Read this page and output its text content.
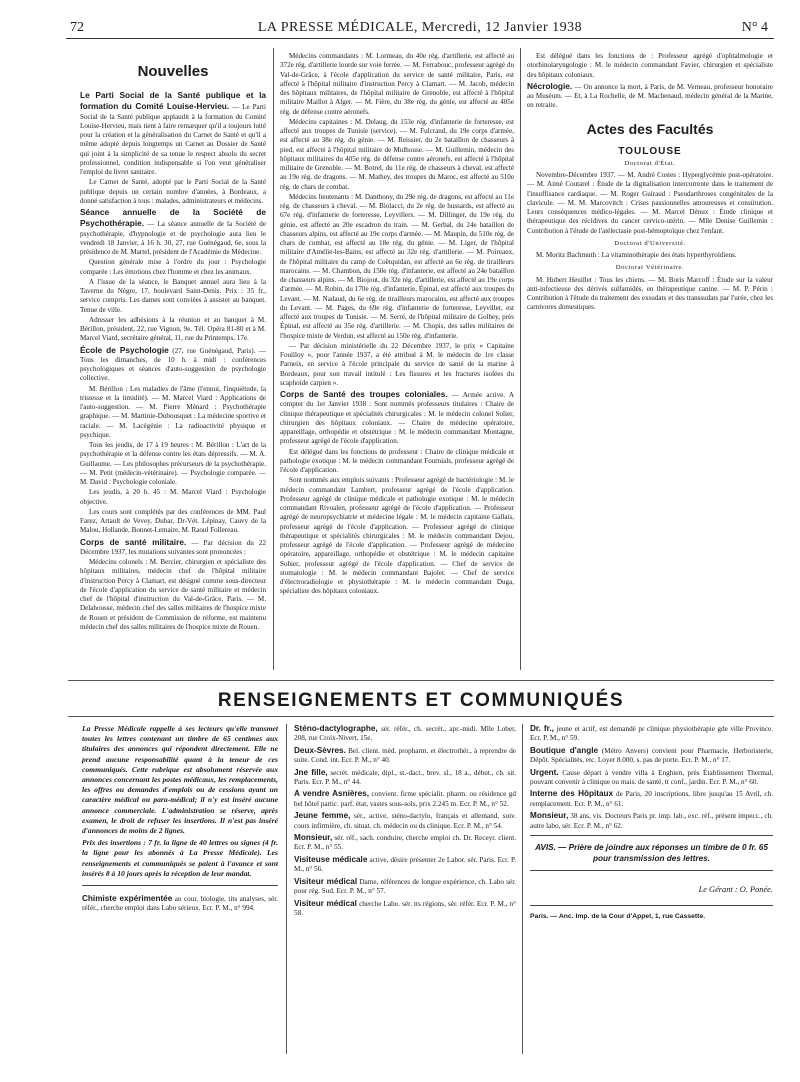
72	LA PRESSE MÉDICALE, Mercredi, 12 Janvier 1938	N° 4
Nouvelles

Le Parti Social de la Santé publique et la formation du Comité Louise-Hervieu. — Le Parti Social de la Santé publique applaudit à la formation du Comité Louise-Hervieu, mais tient à faire remarquer qu'il a toujours lutté pour la création et la généralisation du Carnet de Santé et qu'il a même adopté depuis longtemps un Carnet au Dossier de Santé qui joint à la simplicité de sa tenue le respect absolu du secret professionnel, condition indispensable si l'on veut généraliser l'emploi du livret sanitaire.

Le Carnet de Santé, adopté par le Parti Social de la Santé publique depuis un certain nombre d'années, à Bordeaux, a donné satisfaction à tous : malades, administrateurs et médecins.

Séance annuelle de la Société de Psychothérapie. — La séance annuelle de la Société de psychothérapie, d'hypnologie et de psychologie aura lieu le vendredi 18 Janvier, à 16 h. 30, 27, rue Guénégaud, 6e, sous la présidence de M. Martel, président de l'Académie de Médecine.

Question générale mise à l'ordre du jour : Psychologie comparée : Les émotions chez l'homme et chez les animaux.

A l'issue de la séance, le Banquet annuel aura lieu à la Taverne du Nègre, 17, boulevard Saint-Denis. Prix : 35 fr., service compris. Les dames sont conviées à assister au banquet. Tenue de ville.

Adresser les adhésions à la réunion et au banquet à M. Bérillon, président, 22, rue Vignon, 9e. Tél. Opéra 81-80 et à M. Marcel Viard, secrétaire général, 11, rue du Printemps, 17e.

École de Psychologie (27, rue Guénégaud, Paris). — Tous les dimanches, de 10 h. à midi : conférences psychologiques et séances d'auto-suggestion de psychologie collective.

M. Bérillon : Les maladies de l'âme (l'ennui, l'inquiétude, la tristesse et la timidité). — M. Marcel Viard : Applications de l'auto-suggestion. — M. Pierre Ménard : Psychothérapie graphique. — M. Martinie-Dubousquet : La médecine sportive et raciale. — M. Lacégénie : La radioactivité physique et psychique.

Tous les jeudis, de 17 à 19 heures : M. Bérillon : L'art de la psychothérapie et la défense contre les états dépressifs. — M. A. Guillaume. — Les philosophes précurseurs de la psychothérapie. — M. Petit (médecin-vétérinaire). — Psychologie comparée. — M. David : Psychologie coloniale.

Les jeudis, à 20 h. 45 : M. Marcel Viard : Psychologie objective.

Les cours sont complétés par des conférences de MM. Paul Farez, Artault de Vevey, Dubar, Dr-Vét. Lépinay, Cauvy de la Malou, Hollande, Bonnet-Lemaire, M. Raoul Follereau.

Corps de santé militaire. — Par décision du 22 Décembre 1937, les mutations suivantes sont prononcées :

Médecins colonels : M. Bercier, chirurgien et spécialiste des hôpitaux militaires, médecin chef de l'hôpital militaire d'instruction Percy à Clamart, est désigné comme sous-directeur de l'école d'application du service de santé militaire et médecin chef de l'hôpital d'instruction du Val-de-Grâce, Paris. — M. Delahousse, médecin chef des salles militaires de l'hospice mixte de Rouen et président de Commission de réforme, est maintenu médecin chef des salles militaires de l'hospice mixte de Rouen.

Médecins commandants : M. Lormeau, du 40e rég. d'artillerie, est affecté au 372e rég. d'artillerie lourde sur voie ferrée. — M. Ferrabouc, professeur agrégé du Val-de-Grâce, à l'école d'application du service de santé militaire, Paris, est affecté à l'hôpital militaire d'instruction Percy à Clamart. — M. Jacob, médecin des hôpitaux militaires, de l'hôpital militaire de Grenoble, est affecté à l'hôpital militaire Maillot à Alger. — M. Fière, du 38e rég. du génie, est affecté au 405e rég. de défense contre aéronefs.

Médecins capitaines : M. Delaug, du 153e rég. d'infanterie de forteresse, est affecté aux troupes de Tunisie (service). — M. Fulcrand, du 19e corps d'armée, est affecté au 38e rég. du génie. — M. Reissier, du 2e bataillon de chasseurs à pied, est affecté à l'hôpital militaire de Mulhouse. — M. Guillemin, médecin des hôpitaux militaires du 405e rég. de défense contre aéronefs, est affecté à l'hôpital militaire de Grenoble. — M. Botrel, du 11e rég. de chasseurs à cheval, est affecté au 19e rég. de dragons. — M. Mathey, des troupes du Maroc, est affecté au 510e rég. de chars de combat.

Médecins lieutenants : M. Danthony, du 29e rég. de dragons, est affecté au 11e rég. de chasseurs à cheval. — M. Biolacci, du 2e rég. de hussards, est affecté au 67e rég. d'infanterie de forteresse, Leyvillers. — M. Dillinger, du 19e rég. du génie, est affecté au 20e escadron du train. — M. Gerbal, du 24e bataillon de chasseurs alpins, est affecté au 19e corps d'armée. — M. Maupin, du 510e rég. de chars de combat, est affecté au 18e rég. du génie. — M. Liger, de l'hôpital militaire d'Amélie-les-Bains, est affecté au 32e rég. d'artillerie. — M. Poireaux, de l'hôpital militaire du camp de Coëtquidan, est affecté au 6e rég. de tirailleurs marocains. — M. Chambon, du 150e rég. d'infanterie, est affecté au 24e bataillon de chasseurs alpins. — M. Biojout, du 32e rég. d'artillerie, est affecté au 19e corps d'armée. — M. Robin, du 170e rég. d'infanterie, Épinal, est affecté aux troupes du Levant. — M. Nadaud, du 6e rég. de tirailleurs marocains, est affecté aux troupes du Levant. — M. Pages, du 69e rég. d'infanterie de forteresse, Leyviller, est affecté aux troupes de Tunisie. — M. Serré, de l'hôpital militaire de Golbey, près Épinal, est affecté au 35e rég. d'artillerie. — M. Chopis, des salles militaires de l'hospice mixte de Verdun, est affecté au 150e rég. d'infanterie.

— Par décision ministérielle du 22 Décembre 1937, le prix « Capitaine Fouilloy », pour l'année 1937, a été attribué à M. le médecin de 1re classe Parneix, en service à l'école principale du service de santé de la marine à Bordeaux, pour son travail intitulé : Les fissures et les fractures isolées du scaphoïde carpien ».

Corps de Santé des troupes coloniales. — Armée active. A compter du 1er Janvier 1938 : Sont nommés professeurs titulaires : Chaire de clinique thérapeutique et spécialités chirurgicales : M. le médecin colonel Solier, chirurgien des hôpitaux coloniaux. — Chaire de médecine opératoire, appareillage, orthopédie et obstétrique : M. le médecin commandant Montagne, professeur agrégé de l'école d'application.

Est délégué dans les fonctions de professeur : Chaire de clinique médicale et pathologie exotique : M. le médecin commandant Fournials, professeur agrégé de l'école d'application.

Sont nommés aux emplois suivants : Professeur agrégé de bactériologie : M. le médecin commandant Lambert, professeur agrégé de l'école d'application. Professeur agrégé de clinique médicale et pathologie exotique : M. le médecin commandant Rivoalen, professeur agrégé de l'école d'application. — Professeur agrégé de neuropsychiatrie et médecine légale : M. le médecin capitaine Gallais, professeur agrégé de l'école d'application. — Professeur agrégé de clinique thérapeutique et spécialités chirurgicales : M. le médecin commandant Dejou, professeur agrégé de l'école d'application. — Professeur agrégé de médecine opératoire, appareillage, orthopédie et obstétrique : M. le médecin capitaine Sohier, professeur agrégé de l'école d'application. — Chef de service de stomatologie : M. le médecin commandant Bajolet. — Chef de service d'électroradiologie et physiothérapie : M. le médecin commandant Duga, spécialiste des hôpitaux coloniaux.

Est délégué dans les fonctions de : Professeur agrégé d'ophtalmologie et otorhinolaryngologie : M. le médecin commandant Favier, chirurgien et spécialiste des hôpitaux coloniaux.

Nécrologie. — On annonce la mort, à Paris, de M. Verneau, professeur honoraire au Muséum. — Et, à La Rochelle, de M. Machenaud, médecin général de la Marine, en retraite.

Actes des Facultés
TOULOUSE
Doctorat d'État.

Novembre-Décembre 1937. — M. André Costes : Hyperglycémie post-opératoire. — M. Aimé Coutarel : Étude de la digitalisation intercurrente dans le traitement de l'insuffisance cardiaque. — M. Roger Guiraud : Pseudarthroses congénitales de la clavicule. — M. M. Marcovitch : Crises passionnelles amoureuses et constitution. Leurs conséquences médico-légales. — M. Marcel Dénux : Étude clinique et thérapeutique des récidives du cancer cervico-utérin. — Mlle Denise Guillemin : Contribution à l'étude de l'atélectasie post-hémoptoïque chez l'enfant.

Doctorat d'Université.

M. Moritz Bachmuth : La vitaminothérapie des états hyperthyroïdiens.

Doctorat Vétérinaire.

M. Hubert Heuillet : Tous les chiens. — M. Boris Marcoff : Étude sur la valeur anti-infectieuse des dérivés sulfamidés, en thérapeutique canine. — M. P. Périn : Contribution à l'étude du traitement des exsudats et des transsudats par l'urée, chez les carnivores domestiques.

RENSEIGNEMENTS ET COMMUNIQUÉS

La Presse Médicale rappelle à ses lecteurs qu'elle transmet toutes les lettres contenant un timbre de 65 centimes aux titulaires des annonces qui répondent directement. Elle ne prend aucune responsabilité quant à la teneur de ces communiqués. Cette rubrique est absolument réservée aux annonces concernant les postes médicaux, les remplacements, les offres ou demandes d'emplois ou de cessions ayant un caractère médical ou para-médical; il n'y est inséré aucune annonce commerciale. L'administration se réserve, après examen, le droit de refuser les insertions. Il n'est pas inséré d'annonces de moins de 2 lignes.

Prix des insertions : 7 fr. la ligne de 40 lettres ou signes (4 fr. la ligne pour les abonnés à La Presse Médicale). Les renseignements et communiqués se paient à l'avance et sont insérés 8 à 10 jours après la réception de leur mandat.

Chimiste expérimentée au cour. biologie, tits analyses, sér. référ., cherche emploi dans Labo sérieux. Ecr. P. M., n° 994.

Sténo-dactylographe, sér. référ., ch. secrét., apr.-midi. Mlle Lober, 208, rue Croix-Nivert, 15e.

Deux-Sèvres. Bel. client. méd. propharm. et électrothér., à reprendre de suite. Cond. int. Ecr. P. M., n° 40.

Jne fille, secrét. médicale, dipl., st.-dact., brev. sl., 18 a., début., ch. sit. Paris. Ecr. P. M., n° 44.

A vendre Asnières, convient. firme spécialit. pharm. ou résidence gd bel hôtel partic. parf. état, vastes sous-sols, prix 2.245 m. Ecr. P. M., n° 52.

Jeune femme, sér., active, sténo-dactylo, français et allemand, suiv. cours infirmière, ch. situat. ch. médecin ou ds clinique. Ecr. P. M., n° 54.

Monsieur, sér. réf., sach. conduire, cherche emploi ch. Dr. Receyr. client. Ecr. P. M., n° 55.

Visiteuse médicale active, désire présenter 2e Labor. sér. Paris. Ecr. P. M., n° 56.

Visiteur médical Dame, références de longue expérience, ch. Labo sér. pour rég. Sud. Ecr. P. M., n° 57.

Visiteur médical cherche Labo. sér. tts régions, sér. référ. Ecr. P. M., n° 58.

Dr. fr., jeune et actif, est demandé pr clinique physiothérapie gde ville Province. Ecr. P. M., n° 59.

Boutique d'angle (Métro Anvers) convient pour Pharmacie, Herboristerie, Dépôt. Spécialités, etc. Loyer 8.000, s. pas de porte. Ecr. P. M., n° 17.

Urgent. Cause départ à vendre villa à Enghien, près Établissement Thermal, pouvant convenir à clinique ou mais. de santé, tt conf., jardin. Ecr. P. M., n° 60.

Interne des Hôpitaux de Paris, 20 inscriptions, libre jusqu'au 15 Avril, ch. remplacement. Ecr. P. M., n° 61.

Monsieur, 38 ans, vis. Docteurs Paris pr. imp. lab., exc. réf., présent impecc., ch. autre labo, sér. Ecr. P. M., n° 62.

AVIS. — Prière de joindre aux réponses un timbre de 0 fr. 65 pour transmission des lettres.
Le Gérant : O. Ponée.
Paris. — Anc. Imp. de la Cour d'Appel, 1, rue Cassette.
